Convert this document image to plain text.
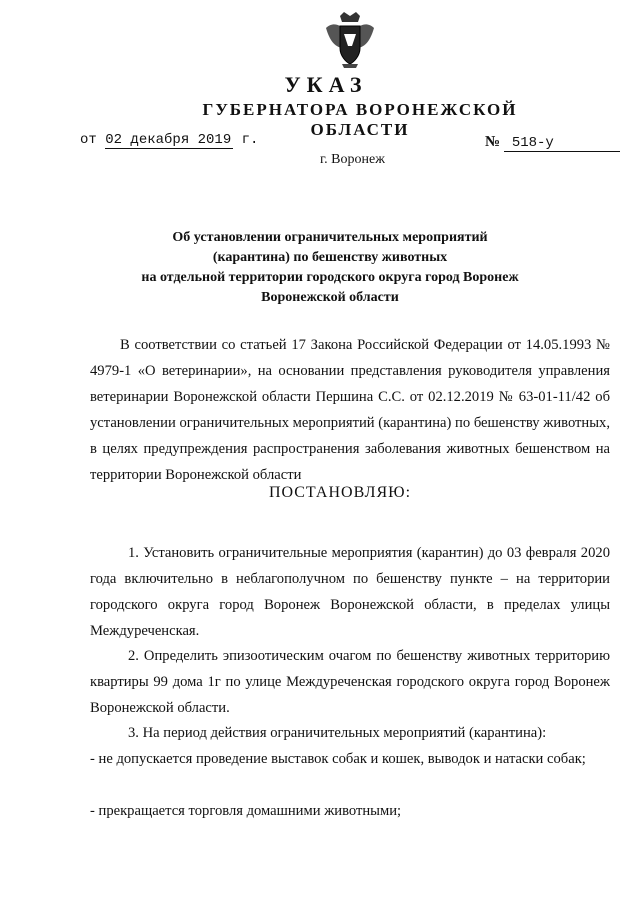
УКАЗ
ГУБЕРНАТОРА ВОРОНЕЖСКОЙ ОБЛАСТИ
от 02 декабря 2019 г.	№ 518-у
г. Воронеж
Об установлении ограничительных мероприятий
(карантина) по бешенству животных
на отдельной территории городского округа город Воронеж
Воронежской области
В соответствии со статьей 17 Закона Российской Федерации от 14.05.1993 № 4979-1 «О ветеринарии», на основании представления руководителя управления ветеринарии Воронежской области Першина С.С. от 02.12.2019 № 63-01-11/42 об установлении ограничительных мероприятий (карантина) по бешенству животных, в целях предупреждения распространения заболевания животных бешенством на территории Воронежской области
ПОСТАНОВЛЯЮ:
1. Установить ограничительные мероприятия (карантин) до 03 февраля 2020 года включительно в неблагополучном по бешенству пункте – на территории городского округа город Воронеж Воронежской области, в пределах улицы Междуреченская.
2. Определить эпизоотическим очагом по бешенству животных территорию квартиры 99 дома 1г по улице Междуреченская городского округа город Воронеж Воронежской области.
3. На период действия ограничительных мероприятий (карантина):
- не допускается проведение выставок собак и кошек, выводок и натаски собак;
- прекращается торговля домашними животными;
